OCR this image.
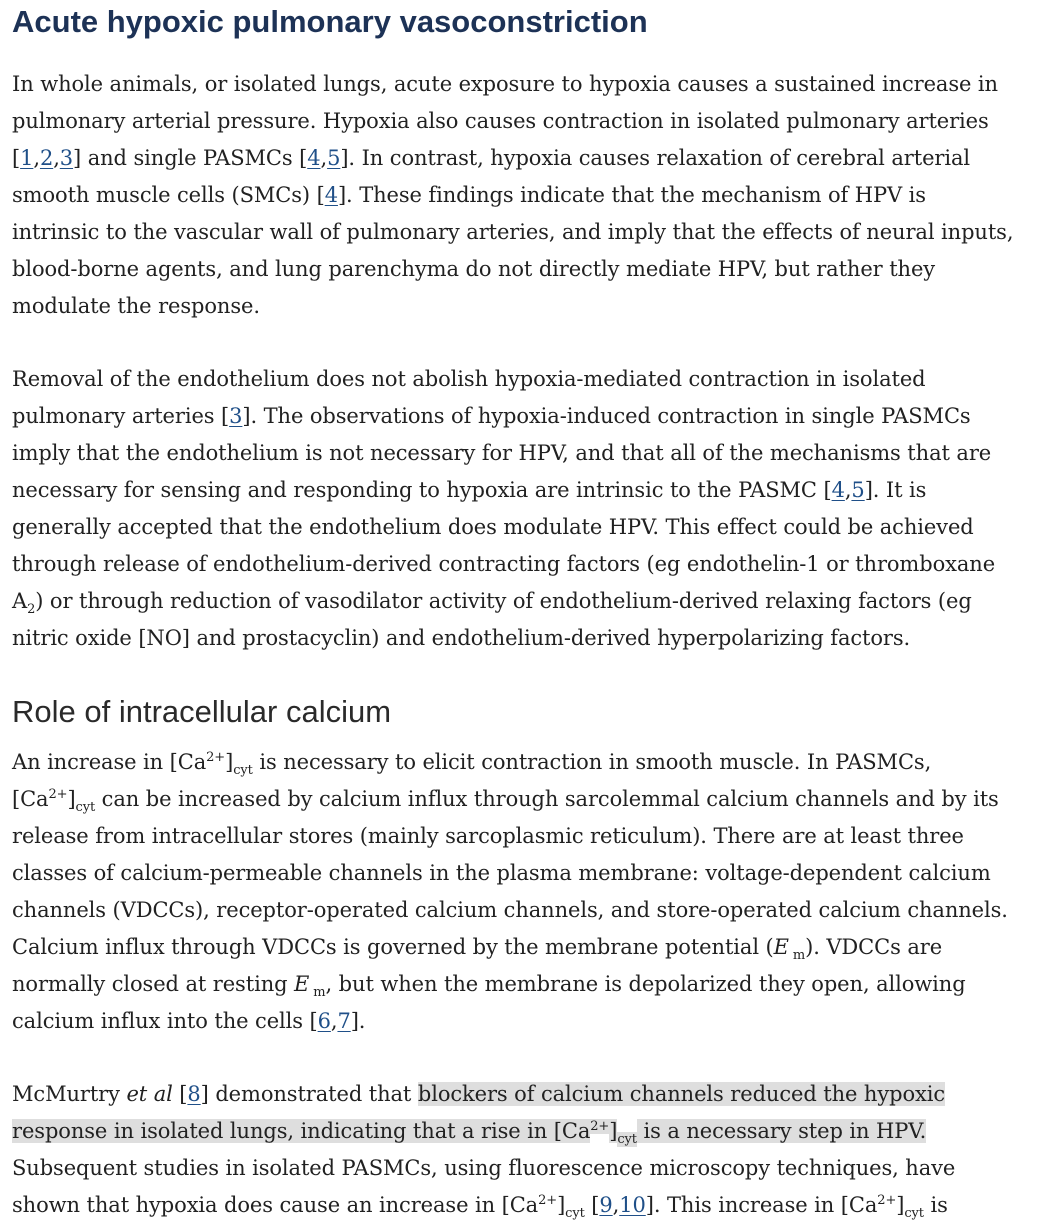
Acute hypoxic pulmonary vasoconstriction
In whole animals, or isolated lungs, acute exposure to hypoxia causes a sustained increase in
pulmonary arterial pressure. Hypoxia also causes contraction in isolated pulmonary arteries
[1,2,3] and single PASMCs [4,5]. In contrast, hypoxia causes relaxation of cerebral arterial
smooth muscle cells (SMCs) [4]. These findings indicate that the mechanism of HPV is
intrinsic to the vascular wall of pulmonary arteries, and imply that the effects of neural inputs,
blood-borne agents, and lung parenchyma do not directly mediate HPV, but rather they
modulate the response.
Removal of the endothelium does not abolish hypoxia-mediated contraction in isolated
pulmonary arteries [3]. The observations of hypoxia-induced contraction in single PASMCs
imply that the endothelium is not necessary for HPV, and that all of the mechanisms that are
necessary for sensing and responding to hypoxia are intrinsic to the PASMC [4,5]. It is
generally accepted that the endothelium does modulate HPV. This effect could be achieved
through release of endothelium-derived contracting factors (eg endothelin-1 or thromboxane
$A_2$) or through reduction of vasodilator activity of endothelium-derived relaxing factors (eg
nitric oxide [NO] and prostacyclin) and endothelium-derived hyperpolarizing factors.
Role of intracellular calcium
An increase in $[Ca^{2+}]_{cyt}$ is necessary to elicit contraction in smooth muscle. In PASMCs,
$[Ca^{2+}]_{cyt}$ can be increased by calcium influx through sarcolemmal calcium channels and by its
release from intracellular stores (mainly sarcoplasmic reticulum). There are at least three
classes of calcium-permeable channels in the plasma membrane: voltage-dependent calcium
channels (VDCCs), receptor-operated calcium channels, and store-operated calcium channels.
Calcium influx through VDCCs is governed by the membrane potential (E $_m$). VDCCs are
normally closed at resting E $_m$, but when the membrane is depolarized they open, allowing
calcium influx into the cells [6,7].
McMurtry et al [8] demonstrated that blockers of calcium channels reduced the hypoxic
response in isolated lungs, indicating that a rise in $[Ca^{2+}]_{cyt}$ is a necessary step in HPV.
Subsequent studies in isolated PASMCs, using fluorescence microscopy techniques, have
shown that hypoxia does cause an increase in $[Ca^{2+}]_{cyt}$ [9,10]. This increase in $[Ca^{2+}]_{cyt}$ is
